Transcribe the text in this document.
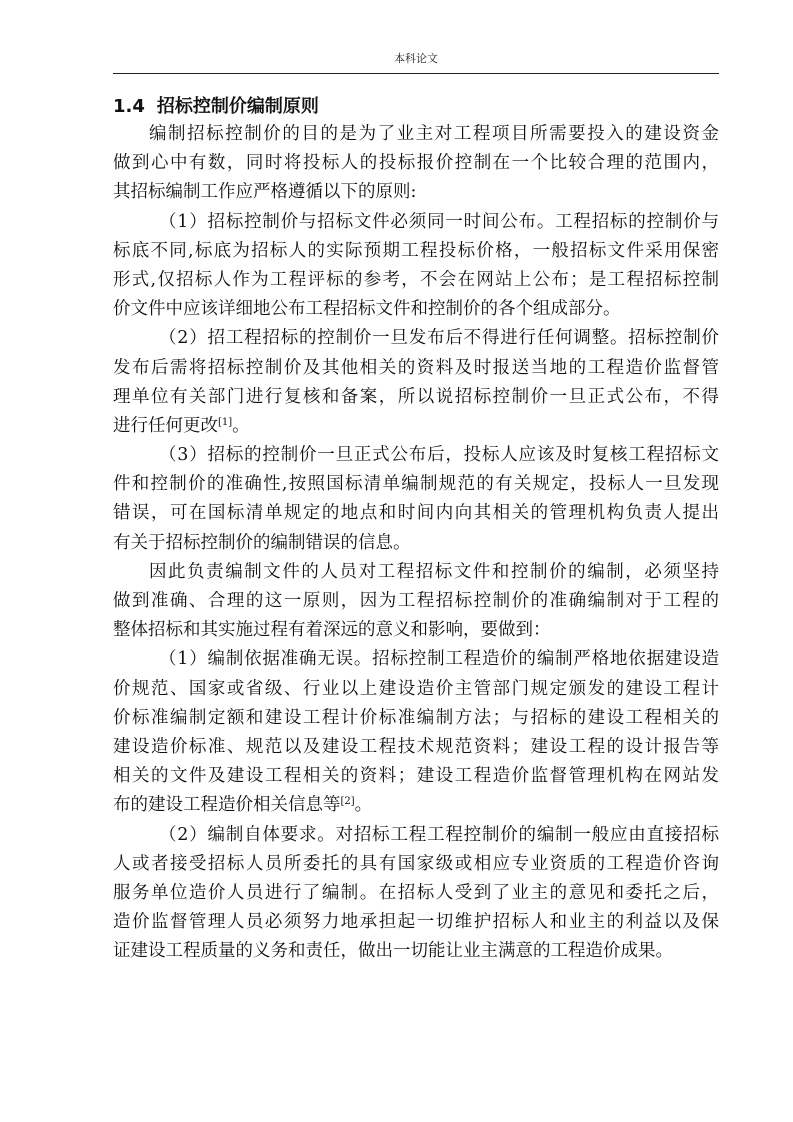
本科论文
1.4 招标控制价编制原则
编制招标控制价的目的是为了业主对工程项目所需要投入的建设资金
做到心中有数，同时将投标人的投标报价控制在一个比较合理的范围内，
其招标编制工作应严格遵循以下的原则:
（1）招标控制价与招标文件必须同一时间公布。工程招标的控制价与
标底不同,标底为招标人的实际预期工程投标价格，一般招标文件采用保密
形式,仅招标人作为工程评标的参考，不会在网站上公布；是工程招标控制
价文件中应该详细地公布工程招标文件和控制价的各个组成部分。
（2）招工程招标的控制价一旦发布后不得进行任何调整。招标控制价
发布后需将招标控制价及其他相关的资料及时报送当地的工程造价监督管
理单位有关部门进行复核和备案，所以说招标控制价一旦正式公布，不得
进行任何更改[1]。
（3）招标的控制价一旦正式公布后，投标人应该及时复核工程招标文
件和控制价的准确性,按照国标清单编制规范的有关规定，投标人一旦发现
错误，可在国标清单规定的地点和时间内向其相关的管理机构负责人提出
有关于招标控制价的编制错误的信息。
因此负责编制文件的人员对工程招标文件和控制价的编制，必须坚持
做到准确、合理的这一原则，因为工程招标控制价的准确编制对于工程的
整体招标和其实施过程有着深远的意义和影响，要做到：
（1）编制依据准确无误。招标控制工程造价的编制严格地依据建设造
价规范、国家或省级、行业以上建设造价主管部门规定颁发的建设工程计
价标准编制定额和建设工程计价标准编制方法；与招标的建设工程相关的
建设造价标准、规范以及建设工程技术规范资料；建设工程的设计报告等
相关的文件及建设工程相关的资料；建设工程造价监督管理机构在网站发
布的建设工程造价相关信息等[2]。
（2）编制自体要求。对招标工程工程控制价的编制一般应由直接招标
人或者接受招标人员所委托的具有国家级或相应专业资质的工程造价咨询
服务单位造价人员进行了编制。在招标人受到了业主的意见和委托之后，
造价监督管理人员必须努力地承担起一切维护招标人和业主的利益以及保
证建设工程质量的义务和责任，做出一切能让业主满意的工程造价成果。
